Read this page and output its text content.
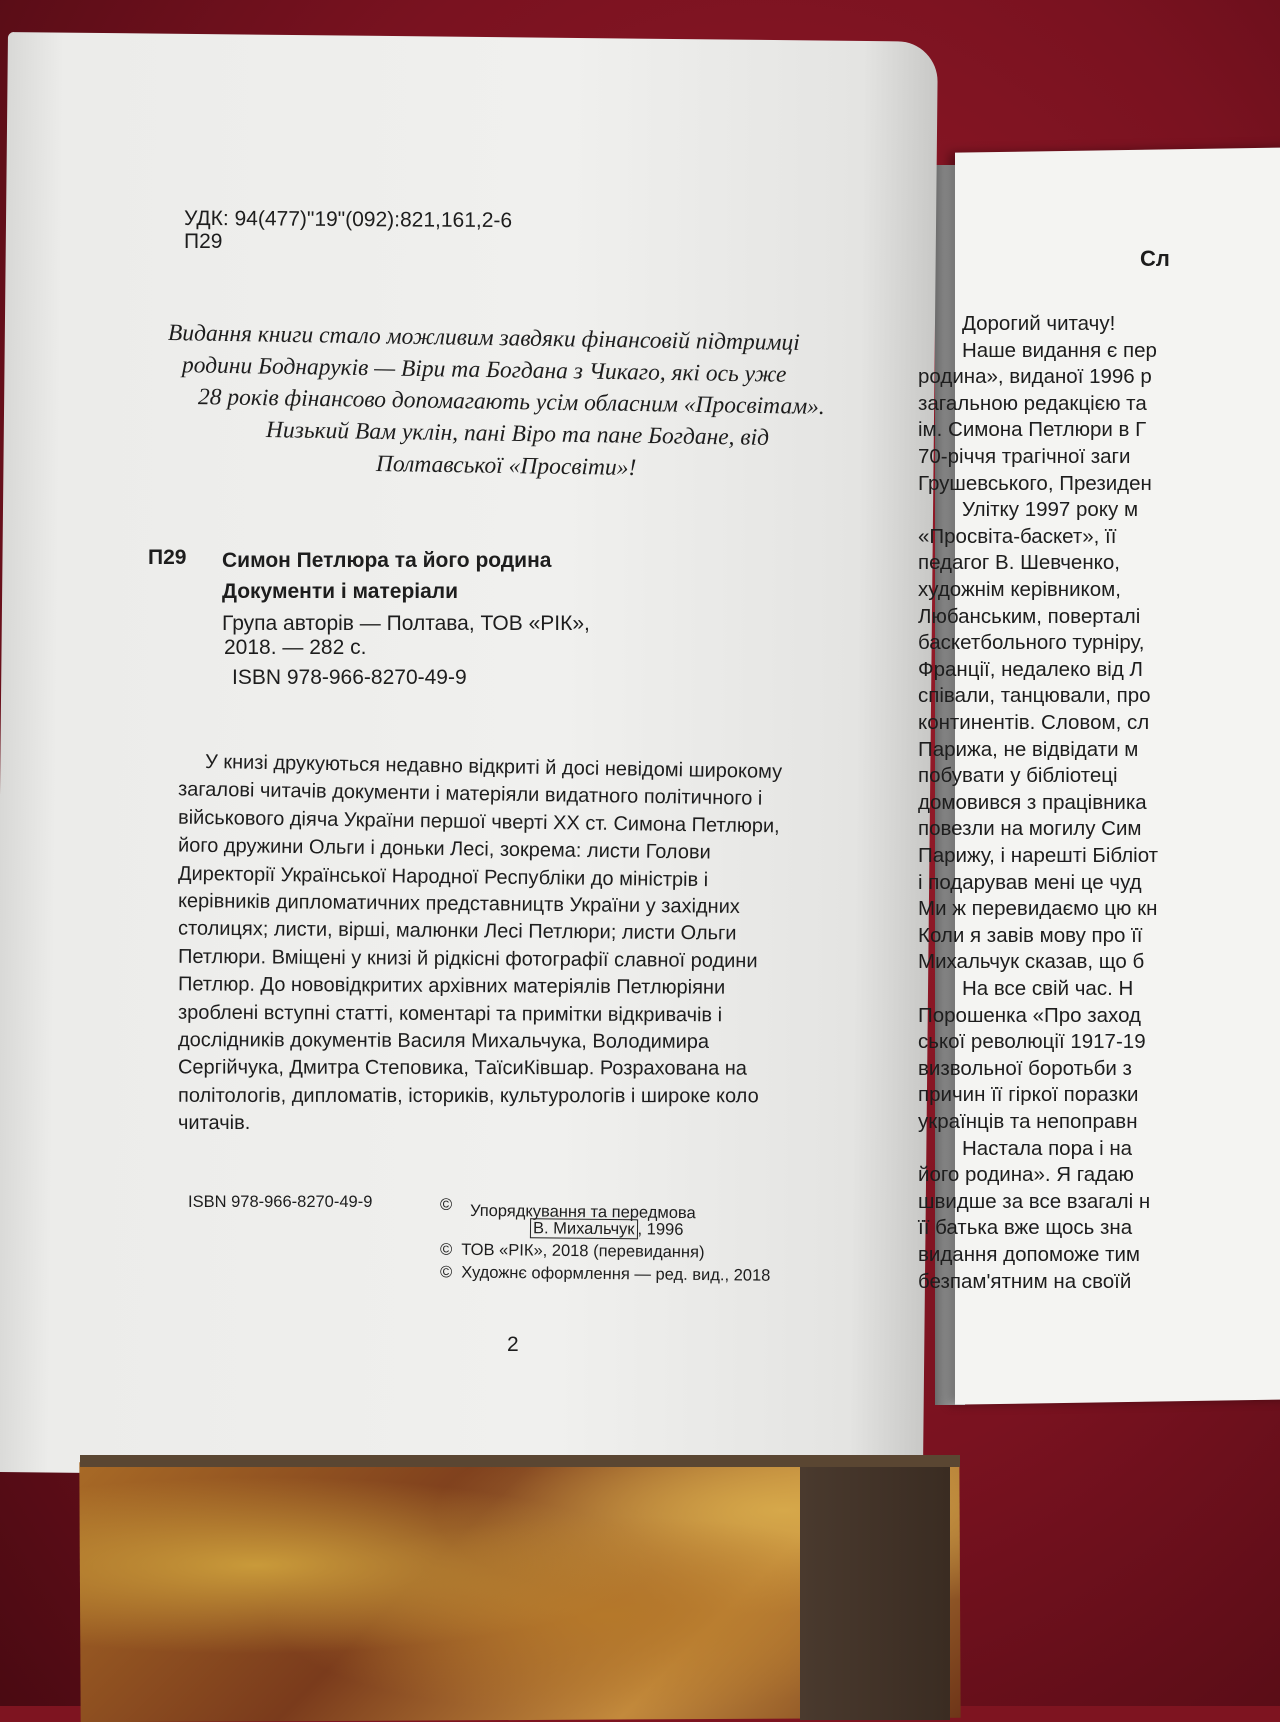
УДК: 94(477)"19"(092):821,161,2-6
П29
Видання книги стало можливим завдяки фінансовій підтримці
родини Боднаруків — Віри та Богдана з Чикаго, які ось уже
28 років фінансово допомагають усім обласним «Просвітам».
Низький Вам уклін, пані Віро та пане Богдане, від
Полтавської «Просвіти»!
П29 Симон Петлюра та його родина
Документи і матеріали
Група авторів — Полтава, ТОВ «РІК»,
2018. — 282 с.
ISBN 978-966-8270-49-9
У книзі друкуються недавно відкриті й досі невідомі широкому
загалові читачів документи і матеріяли видатного політичного і
військового діяча України першої чверті XX ст. Симона Петлюри,
його дружини Ольги і доньки Лесі, зокрема: листи Голови
Директорії Української Народної Республіки до міністрів і
керівників дипломатичних представництв України у західних
столицях; листи, вірші, малюнки Лесі Петлюри; листи Ольги
Петлюри. Вміщені у книзі й рідкісні фотографії славної родини
Петлюр. До нововідкритих архівних матеріялів Петлюріяни
зроблені вступні статті, коментарі та примітки відкривачів і
дослідників документів Василя Михальчука, Володимира
Сергійчука, Дмитра Степовика, ТаїсиКівшар. Розрахована на
політологів, дипломатів, істориків, культурологів і широке коло
читачів.
ISBN 978-966-8270-49-9	© Упорядкування та передмова
В. Михальчук , 1996
© ТОВ «РІК», 2018 (перевидання)
© Художнє оформлення — ред. вид., 2018
2
Сл
Дорогий читачу!
Наше видання є пер
родина», виданої 1996 р
загальною редакцією та
ім. Симона Петлюри в Г
70-річчя трагічної заги
Грушевського, Президен
Улітку 1997 року м
«Просвіта-баскет», її
педагог В. Шевченко,
художнім керівником,
Любанським, поверталі
баскетбольного турніру,
Франції, недалеко від Л
співали, танцювали, про
континентів. Словом, сл
Парижа, не відвідати м
побувати у бібліотеці
домовився з працівника
повезли на могилу Сим
Парижу, і нарешті Бібліот
і подарував мені це чуд
Ми ж перевидаємо цю кн
Коли я завів мову про її
Михальчук сказав, що б
На все свій час. Н
Порошенка «Про заход
ської революції 1917-19
визвольної боротьби з
причин її гіркої поразки
українців та непоправн
Настала пора і на
його родина». Я гадаю
швидше за все взагалі н
її батька вже щось зна
видання допоможе тим
безпам'ятним на своїй
